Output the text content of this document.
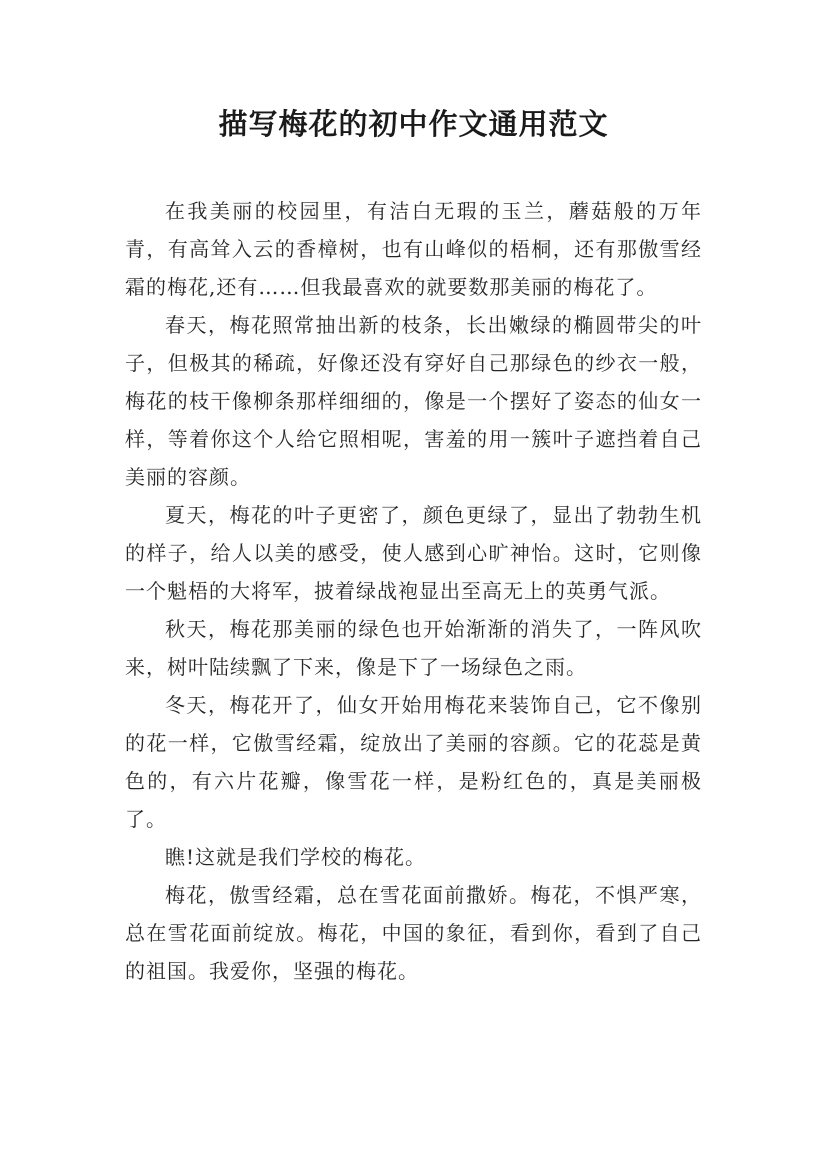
描写梅花的初中作文通用范文

在我美丽的校园里，有洁白无瑕的玉兰，蘑菇般的万年青，有高耸入云的香樟树，也有山峰似的梧桐，还有那傲雪经霜的梅花,还有……但我最喜欢的就要数那美丽的梅花了。

春天，梅花照常抽出新的枝条，长出嫩绿的椭圆带尖的叶子，但极其的稀疏，好像还没有穿好自己那绿色的纱衣一般，梅花的枝干像柳条那样细细的，像是一个摆好了姿态的仙女一样，等着你这个人给它照相呢，害羞的用一簇叶子遮挡着自己美丽的容颜。

夏天，梅花的叶子更密了，颜色更绿了，显出了勃勃生机的样子，给人以美的感受，使人感到心旷神怡。这时，它则像一个魁梧的大将军，披着绿战袍显出至高无上的英勇气派。

秋天，梅花那美丽的绿色也开始渐渐的消失了，一阵风吹来，树叶陆续飘了下来，像是下了一场绿色之雨。

冬天，梅花开了，仙女开始用梅花来装饰自己，它不像别的花一样，它傲雪经霜，绽放出了美丽的容颜。它的花蕊是黄色的，有六片花瓣，像雪花一样，是粉红色的，真是美丽极了。

瞧!这就是我们学校的梅花。

梅花，傲雪经霜，总在雪花面前撒娇。梅花，不惧严寒，总在雪花面前绽放。梅花，中国的象征，看到你，看到了自己的祖国。我爱你，坚强的梅花。
